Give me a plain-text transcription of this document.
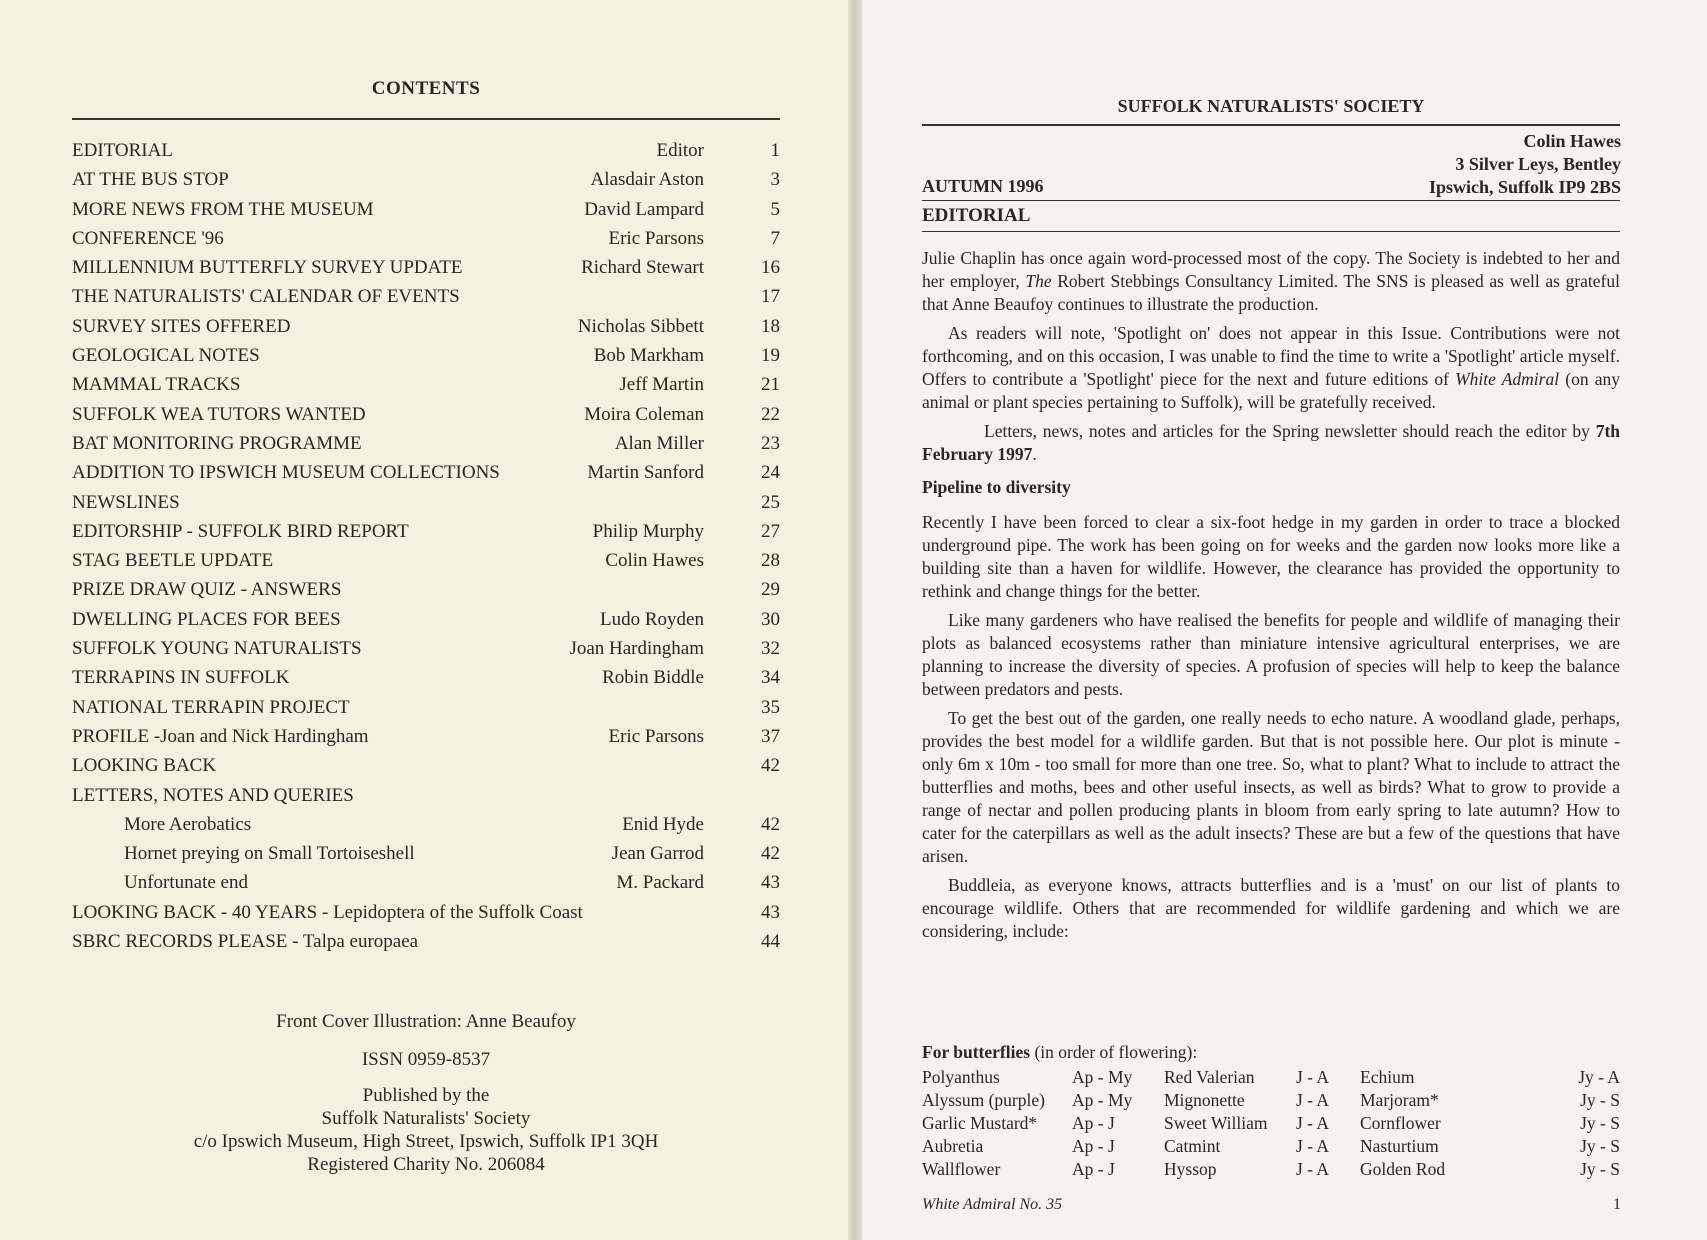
CONTENTS
EDITORIAL	Editor	1
AT THE BUS STOP	Alasdair Aston	3
MORE NEWS FROM THE MUSEUM	David Lampard	5
CONFERENCE '96	Eric Parsons	7
MILLENNIUM BUTTERFLY SURVEY UPDATE	Richard Stewart	16
THE NATURALISTS' CALENDAR OF EVENTS	17
SURVEY SITES OFFERED	Nicholas Sibbett	18
GEOLOGICAL NOTES	Bob Markham	19
MAMMAL TRACKS	Jeff Martin	21
SUFFOLK WEA TUTORS WANTED	Moira Coleman	22
BAT MONITORING PROGRAMME	Alan Miller	23
ADDITION TO IPSWICH MUSEUM COLLECTIONS	Martin Sanford	24
NEWSLINES	25
EDITORSHIP - SUFFOLK BIRD REPORT	Philip Murphy	27
STAG BEETLE UPDATE	Colin Hawes	28
PRIZE DRAW QUIZ - ANSWERS	29
DWELLING PLACES FOR BEES	Ludo Royden	30
SUFFOLK YOUNG NATURALISTS	Joan Hardingham	32
TERRAPINS IN SUFFOLK	Robin Biddle	34
NATIONAL TERRAPIN PROJECT	35
PROFILE -Joan and Nick Hardingham	Eric Parsons	37
LOOKING BACK	42
LETTERS, NOTES AND QUERIES
More Aerobatics	Enid Hyde	42
Hornet preying on Small Tortoiseshell	Jean Garrod	42
Unfortunate end	M. Packard	43
LOOKING BACK - 40 YEARS - Lepidoptera of the Suffolk Coast	43
SBRC RECORDS PLEASE - Talpa europaea	44
Front Cover Illustration: Anne Beaufoy
ISSN 0959-8537
Published by the
Suffolk Naturalists' Society
c/o Ipswich Museum, High Street, Ipswich, Suffolk IP1 3QH
Registered Charity No. 206084
SUFFOLK NATURALISTS' SOCIETY
Colin Hawes
3 Silver Leys, Bentley
Ipswich, Suffolk IP9 2BS
AUTUMN 1996
EDITORIAL

Julie Chaplin has once again word-processed most of the copy. The Society is indebted to her and her employer, The Robert Stebbings Consultancy Limited. The SNS is pleased as well as grateful that Anne Beaufoy continues to illustrate the production.

As readers will note, 'Spotlight on' does not appear in this Issue. Contributions were not forthcoming, and on this occasion, I was unable to find the time to write a 'Spotlight' article myself. Offers to contribute a 'Spotlight' piece for the next and future editions of White Admiral (on any animal or plant species pertaining to Suffolk), will be gratefully received.

Letters, news, notes and articles for the Spring newsletter should reach the editor by 7th February 1997.

Pipeline to diversity

Recently I have been forced to clear a six-foot hedge in my garden in order to trace a blocked underground pipe. The work has been going on for weeks and the garden now looks more like a building site than a haven for wildlife. However, the clearance has provided the opportunity to rethink and change things for the better.

Like many gardeners who have realised the benefits for people and wildlife of managing their plots as balanced ecosystems rather than miniature intensive agricultural enterprises, we are planning to increase the diversity of species. A profusion of species will help to keep the balance between predators and pests.

To get the best out of the garden, one really needs to echo nature. A woodland glade, perhaps, provides the best model for a wildlife garden. But that is not possible here. Our plot is minute - only 6m x 10m - too small for more than one tree. So, what to plant? What to include to attract the butterflies and moths, bees and other useful insects, as well as birds? What to grow to provide a range of nectar and pollen producing plants in bloom from early spring to late autumn? How to cater for the caterpillars as well as the adult insects? These are but a few of the questions that have arisen.

Buddleia, as everyone knows, attracts butterflies and is a 'must' on our list of plants to encourage wildlife. Others that are recommended for wildlife gardening and which we are considering, include:

For butterflies (in order of flowering):
Polyanthus	Ap - My	Red Valerian	J - A	Echium	Jy - A
Alyssum (purple)	Ap - My	Mignonette	J - A	Marjoram*	Jy - S
Garlic Mustard*	Ap - J	Sweet William	J - A	Cornflower	Jy - S
Aubretia	Ap - J	Catmint	J - A	Nasturtium	Jy - S
Wallflower	Ap - J	Hyssop	J - A	Golden Rod	Jy - S
White Admiral No. 35	1
